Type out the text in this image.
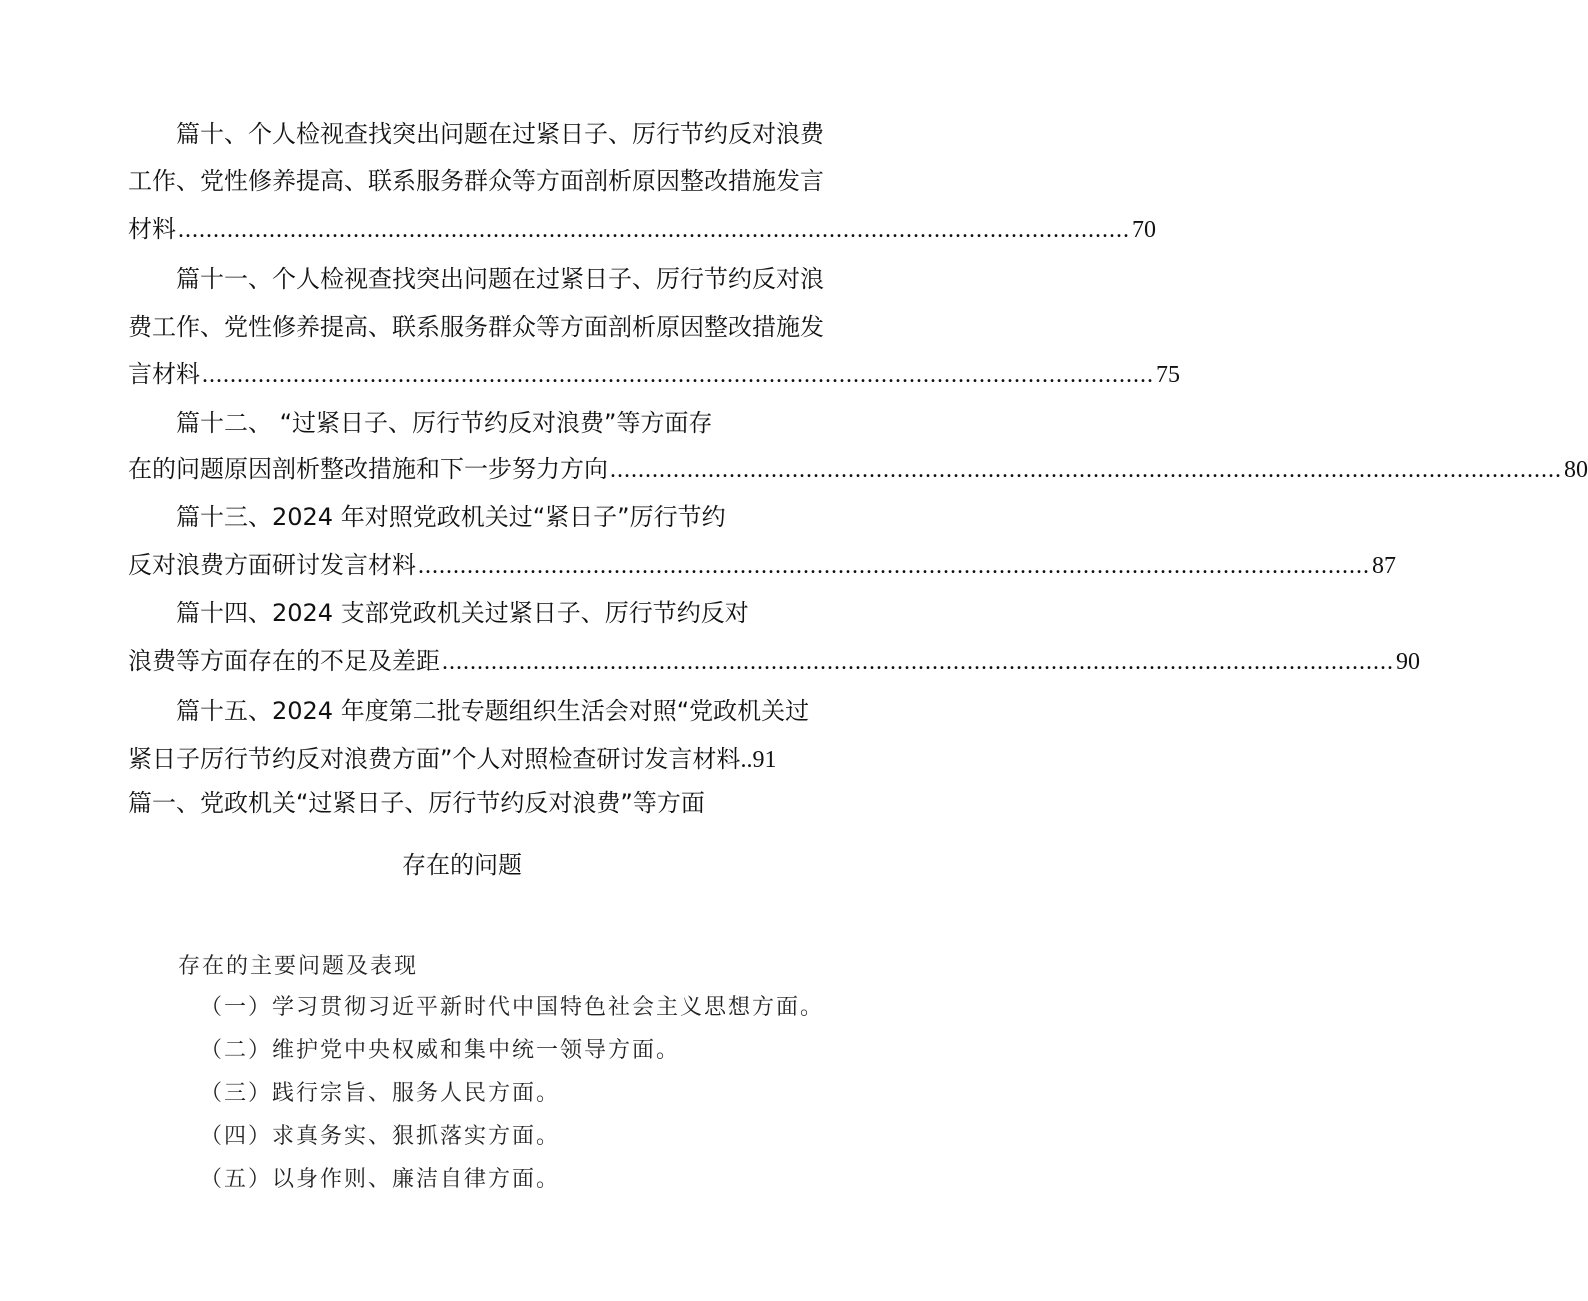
篇十、个人检视查找突出问题在过紧日子、厉行节约反对浪费
工作、党性修养提高、联系服务群众等方面剖析原因整改措施发言
材料 ........................................................................................................................................ 70
篇十一、个人检视查找突出问题在过紧日子、厉行节约反对浪
费工作、党性修养提高、联系服务群众等方面剖析原因整改措施发
言材料 ........................................................................................................................................ 75
篇十二、 “过紧日子、厉行节约反对浪费”等方面存
在的问题原因剖析整改措施和下一步努力方向 ........................................................................................................................................ 80
篇十三、2024 年对照党政机关过“紧日子”厉行节约
反对浪费方面研讨发言材料 ........................................................................................................................................ 87
篇十四、2024 支部党政机关过紧日子、厉行节约反对
浪费等方面存在的不足及差距 ........................................................................................................................................ 90
篇十五、2024 年度第二批专题组织生活会对照“党政机关过
紧日子厉行节约反对浪费方面”个人对照检查研讨发言材料..91
篇一、党政机关“过紧日子、厉行节约反对浪费”等方面
存在的问题
存在的主要问题及表现
（一）学习贯彻习近平新时代中国特色社会主义思想方面。
（二）维护党中央权威和集中统一领导方面。
（三）践行宗旨、服务人民方面。
（四）求真务实、狠抓落实方面。
（五）以身作则、廉洁自律方面。
